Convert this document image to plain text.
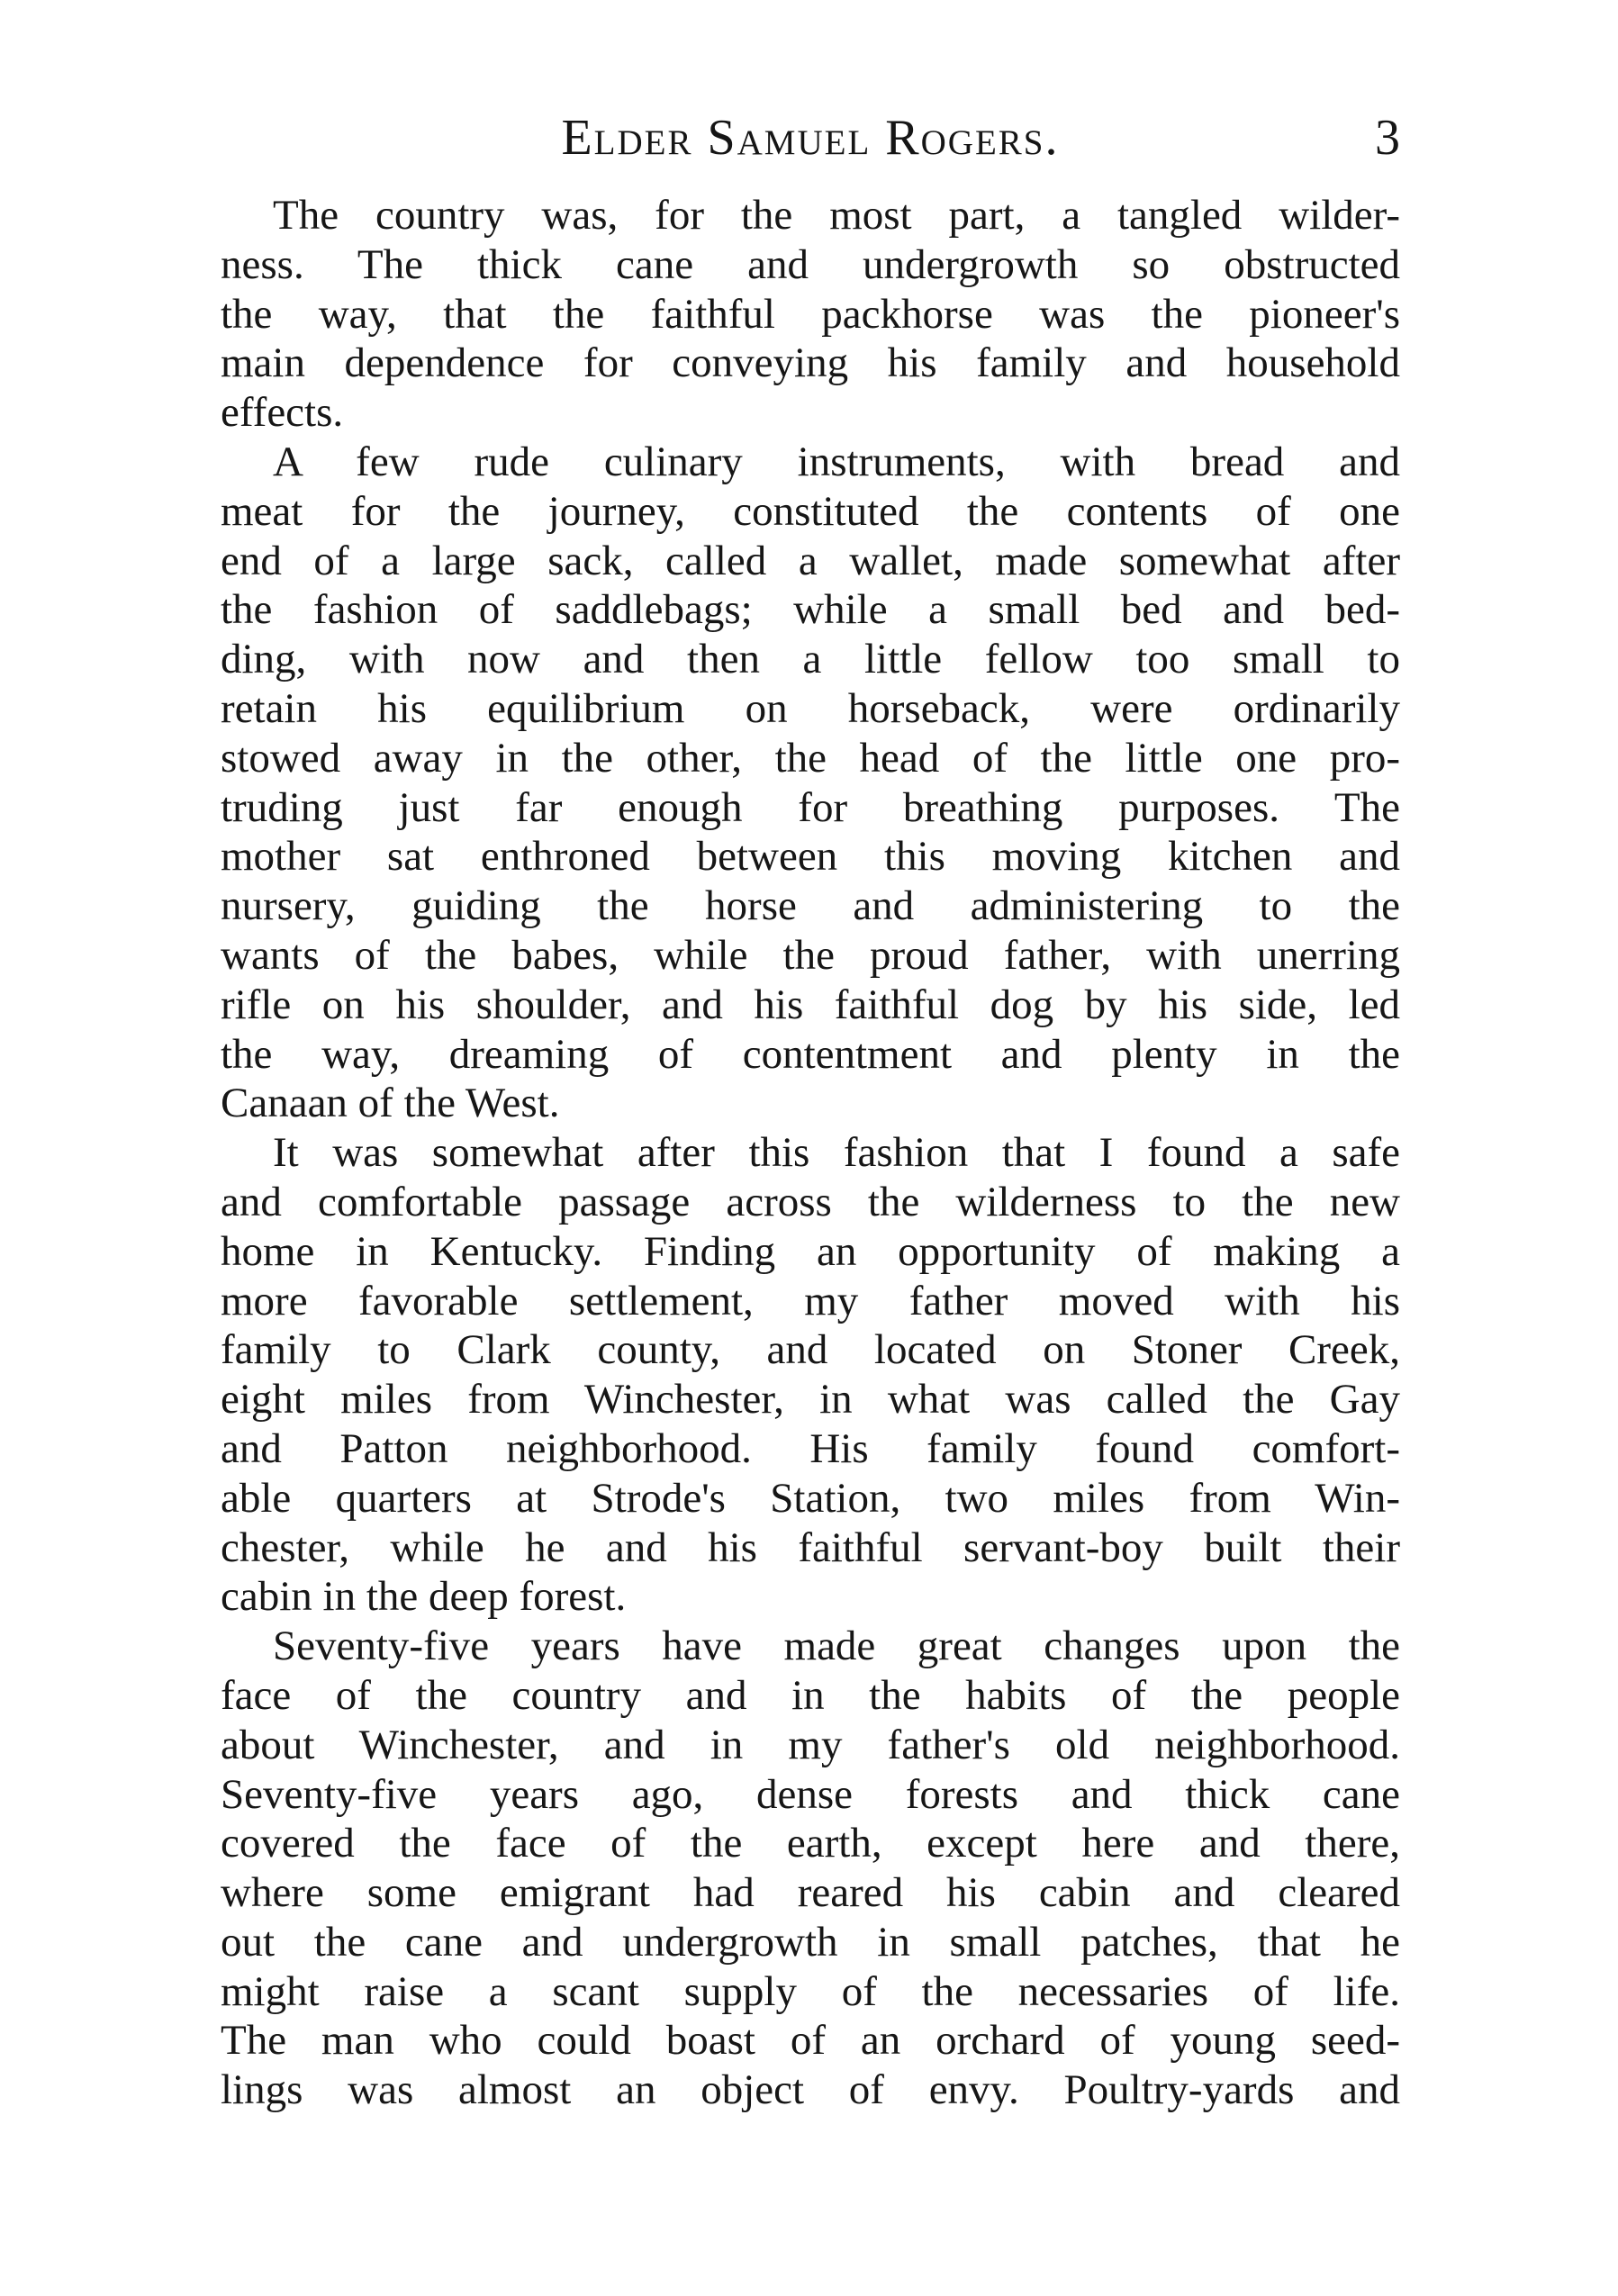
Elder Samuel Rogers.	3
The country was, for the most part, a tangled wilder-
ness. The thick cane and undergrowth so obstructed
the way, that the faithful packhorse was the pioneer's
main dependence for conveying his family and household
effects.
A few rude culinary instruments, with bread and
meat for the journey, constituted the contents of one
end of a large sack, called a wallet, made somewhat after
the fashion of saddlebags; while a small bed and bed-
ding, with now and then a little fellow too small to
retain his equilibrium on horseback, were ordinarily
stowed away in the other, the head of the little one pro-
truding just far enough for breathing purposes. The
mother sat enthroned between this moving kitchen and
nursery, guiding the horse and administering to the
wants of the babes, while the proud father, with unerring
rifle on his shoulder, and his faithful dog by his side, led
the way, dreaming of contentment and plenty in the
Canaan of the West.
It was somewhat after this fashion that I found a safe
and comfortable passage across the wilderness to the new
home in Kentucky. Finding an opportunity of making a
more favorable settlement, my father moved with his
family to Clark county, and located on Stoner Creek,
eight miles from Winchester, in what was called the Gay
and Patton neighborhood. His family found comfort-
able quarters at Strode's Station, two miles from Win-
chester, while he and his faithful servant-boy built their
cabin in the deep forest.
Seventy-five years have made great changes upon the
face of the country and in the habits of the people
about Winchester, and in my father's old neighborhood.
Seventy-five years ago, dense forests and thick cane
covered the face of the earth, except here and there,
where some emigrant had reared his cabin and cleared
out the cane and undergrowth in small patches, that he
might raise a scant supply of the necessaries of life.
The man who could boast of an orchard of young seed-
lings was almost an object of envy. Poultry-yards and
